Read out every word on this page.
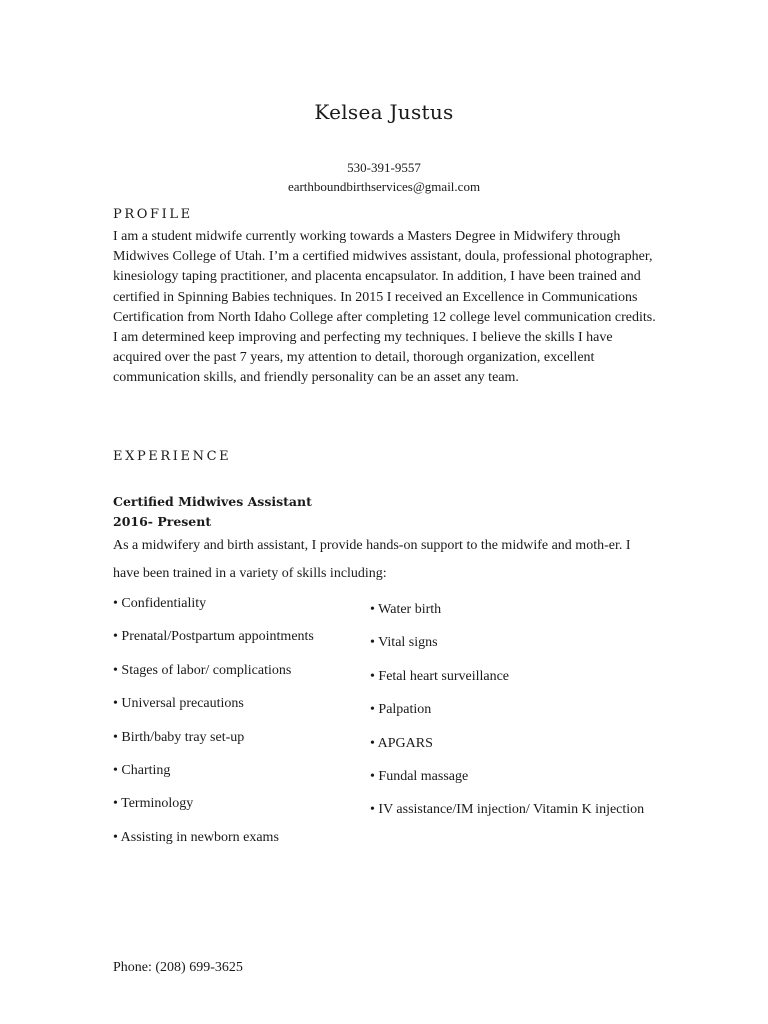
Kelsea Justus
530-391-9557
earthboundbirthservices@gmail.com
PROFILE
I am a student midwife currently working towards a Masters Degree in Midwifery through Midwives College of Utah. I’m a certified midwives assistant, doula, professional photographer, kinesiology taping practitioner, and placenta encapsulator. In addition, I have been trained and certified in Spinning Babies techniques. In 2015 I received an Excellence in Communications Certification from North Idaho College after completing 12 college level communication credits. I am determined keep improving and perfecting my techniques. I believe the skills I have acquired over the past 7 years, my attention to detail, thorough organization, excellent communication skills, and friendly personality can be an asset any team.
EXPERIENCE
Certified Midwives Assistant
2016- Present
As a midwifery and birth assistant, I provide hands-on support to the midwife and moth-er. I have been trained in a variety of skills including:
• Confidentiality
• Prenatal/Postpartum appointments
• Stages of labor/ complications
• Universal precautions
• Birth/baby tray set-up
• Charting
• Terminology
• Assisting in newborn exams
• Water birth
• Vital signs
• Fetal heart surveillance
• Palpation
• APGARS
• Fundal massage
• IV assistance/IM injection/ Vitamin K injection
Phone: (208) 699-3625
